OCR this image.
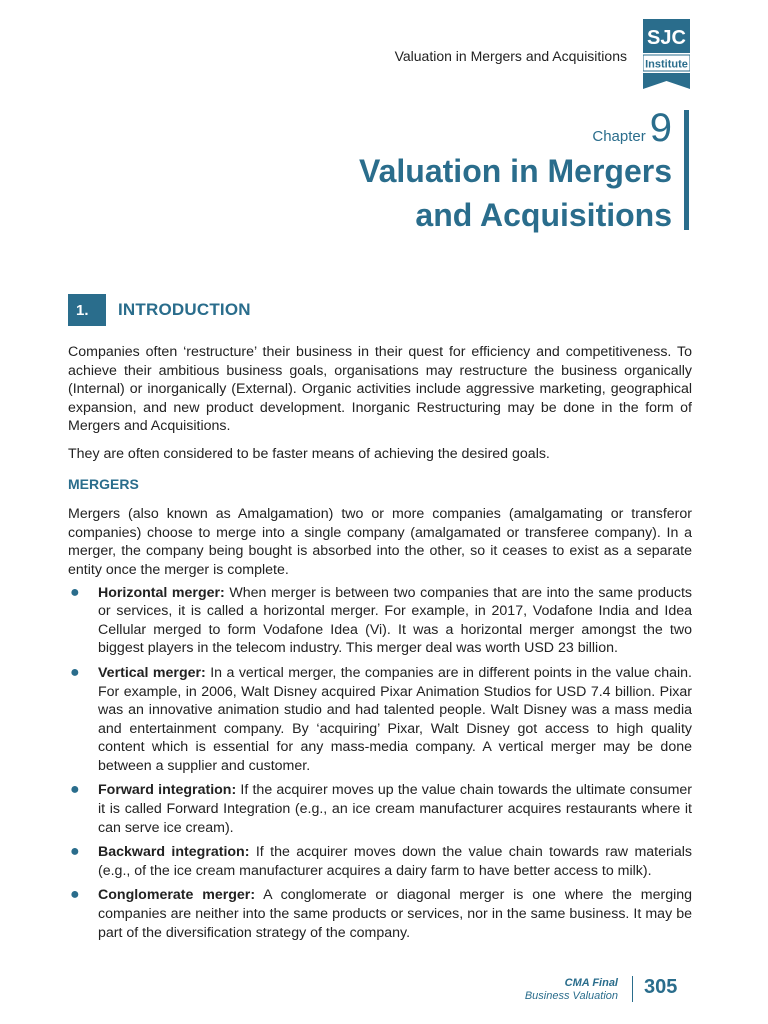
Valuation in Mergers and Acquisitions
SJC
Institute
Chapter 9
Valuation in Mergers
and Acquisitions
1.	INTRODUCTION

Companies often ‘restructure’ their business in their quest for efficiency and competitiveness. To achieve their ambitious business goals, organisations may restructure the business organically (Internal) or inorganically (External). Organic activities include aggressive marketing, geographical expansion, and new product development. Inorganic Restructuring may be done in the form of Mergers and Acquisitions.

They are often considered to be faster means of achieving the desired goals.

MERGERS

Mergers (also known as Amalgamation) two or more companies (amalgamating or transferor companies) choose to merge into a single company (amalgamated or transferee company). In a merger, the company being bought is absorbed into the other, so it ceases to exist as a separate entity once the merger is complete.

● Horizontal merger: When merger is between two companies that are into the same products or services, it is called a horizontal merger. For example, in 2017, Vodafone India and Idea Cellular merged to form Vodafone Idea (Vi). It was a horizontal merger amongst the two biggest players in the telecom industry. This merger deal was worth USD 23 billion.
● Vertical merger: In a vertical merger, the companies are in different points in the value chain. For example, in 2006, Walt Disney acquired Pixar Animation Studios for USD 7.4 billion. Pixar was an innovative animation studio and had talented people. Walt Disney was a mass media and entertainment company. By ‘acquiring’ Pixar, Walt Disney got access to high quality content which is essential for any mass-media company. A vertical merger may be done between a supplier and customer.
● Forward integration: If the acquirer moves up the value chain towards the ultimate consumer it is called Forward Integration (e.g., an ice cream manufacturer acquires restaurants where it can serve ice cream).
● Backward integration: If the acquirer moves down the value chain towards raw materials (e.g., of the ice cream manufacturer acquires a dairy farm to have better access to milk).
● Conglomerate merger: A conglomerate or diagonal merger is one where the merging companies are neither into the same products or services, nor in the same business. It may be part of the diversification strategy of the company.
CMA Final
Business Valuation 305
